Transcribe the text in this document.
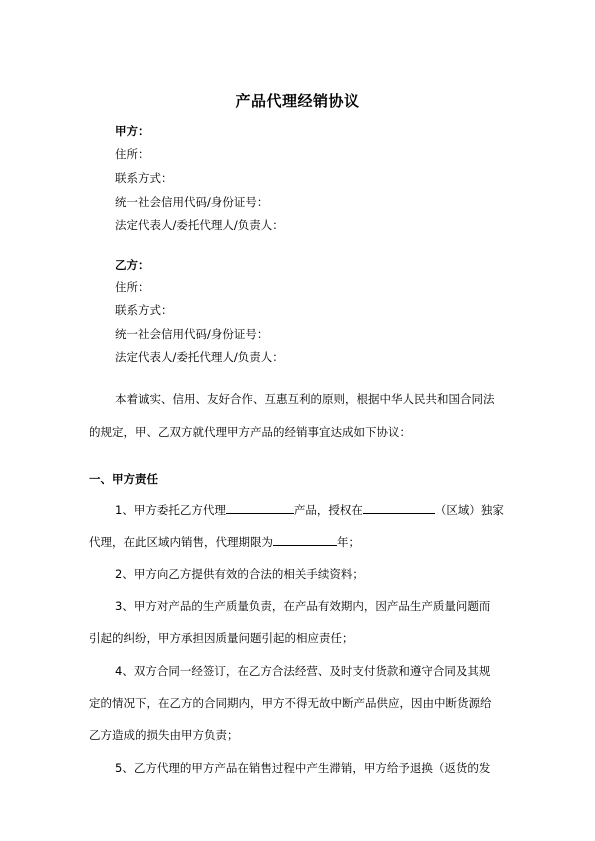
产品代理经销协议
甲方：
住所：
联系方式：
统一社会信用代码/身份证号：
法定代表人/委托代理人/负责人：
乙方：
住所：
联系方式：
统一社会信用代码/身份证号：
法定代表人/委托代理人/负责人：
本着诚实、信用、友好合作、互惠互利的原则，根据中华人民共和国合同法
的规定，甲、乙双方就代理甲方产品的经销事宜达成如下协议：
一、甲方责任
1、甲方委托乙方代理	产品，授权在	（区域）独家
代理，在此区域内销售，代理期限为	年；
2、甲方向乙方提供有效的合法的相关手续资料；
3、甲方对产品的生产质量负责，在产品有效期内，因产品生产质量问题而
引起的纠纷，甲方承担因质量问题引起的相应责任；
4、双方合同一经签订，在乙方合法经营、及时支付货款和遵守合同及其规
定的情况下，在乙方的合同期内，甲方不得无故中断产品供应，因由中断货源给
乙方造成的损失由甲方负责；
5、乙方代理的甲方产品在销售过程中产生滞销，甲方给予退换（返货的发
